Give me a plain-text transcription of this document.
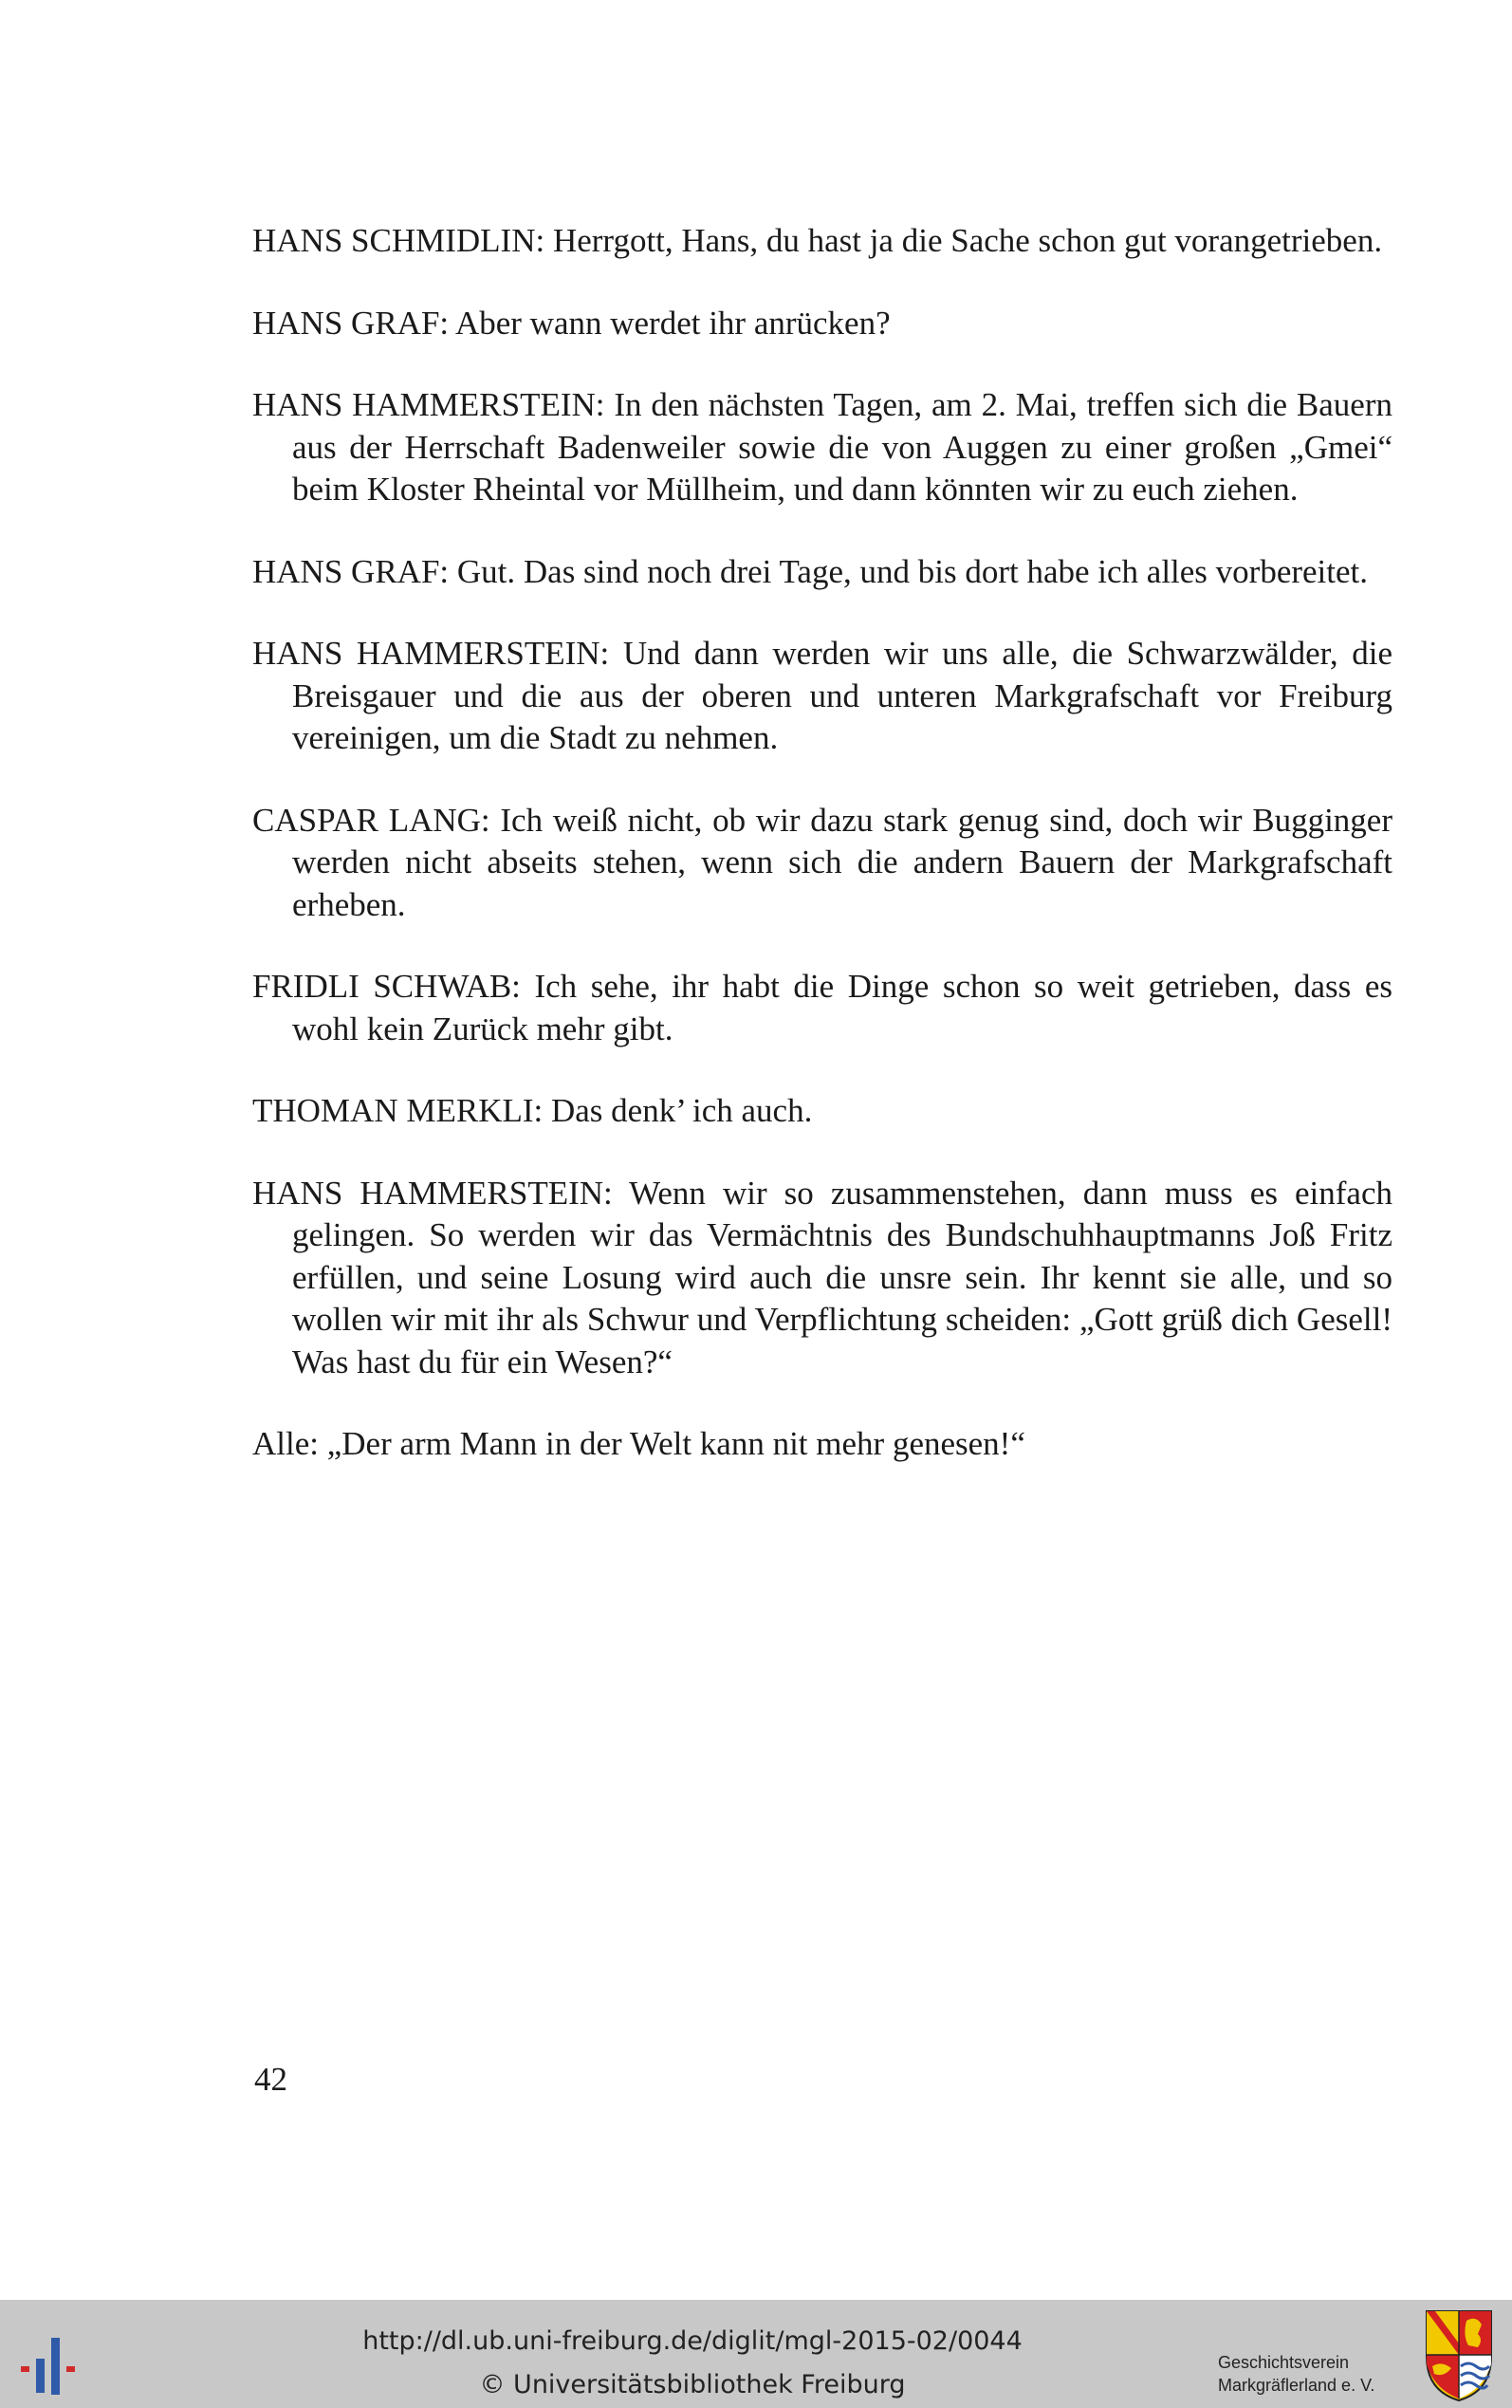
HANS SCHMIDLIN: Herrgott, Hans, du hast ja die Sache schon gut vorangetrieben.

HANS GRAF: Aber wann werdet ihr anrücken?

HANS HAMMERSTEIN: In den nächsten Tagen, am 2. Mai, treffen sich die Bauern aus der Herrschaft Badenweiler sowie die von Auggen zu einer großen „Gmei“ beim Kloster Rheintal vor Müllheim, und dann könnten wir zu euch ziehen.

HANS GRAF: Gut. Das sind noch drei Tage, und bis dort habe ich alles vorbereitet.

HANS HAMMERSTEIN: Und dann werden wir uns alle, die Schwarzwälder, die Breisgauer und die aus der oberen und unteren Markgrafschaft vor Freiburg vereinigen, um die Stadt zu nehmen.

CASPAR LANG: Ich weiß nicht, ob wir dazu stark genug sind, doch wir Bugginger werden nicht abseits stehen, wenn sich die andern Bauern der Markgrafschaft erheben.

FRIDLI SCHWAB: Ich sehe, ihr habt die Dinge schon so weit getrieben, dass es wohl kein Zurück mehr gibt.

THOMAN MERKLI: Das denk’ ich auch.

HANS HAMMERSTEIN: Wenn wir so zusammenstehen, dann muss es einfach gelingen. So werden wir das Vermächtnis des Bundschuhhauptmanns Joß Fritz erfüllen, und seine Losung wird auch die unsre sein. Ihr kennt sie alle, und so wollen wir mit ihr als Schwur und Verpflichtung scheiden: „Gott grüß dich Gesell! Was hast du für ein Wesen?“

Alle: „Der arm Mann in der Welt kann nit mehr genesen!“

42
http://dl.ub.uni-freiburg.de/diglit/mgl-2015-02/0044
© Universitätsbibliothek Freiburg
Geschichtsverein
Markgräflerland e. V.
